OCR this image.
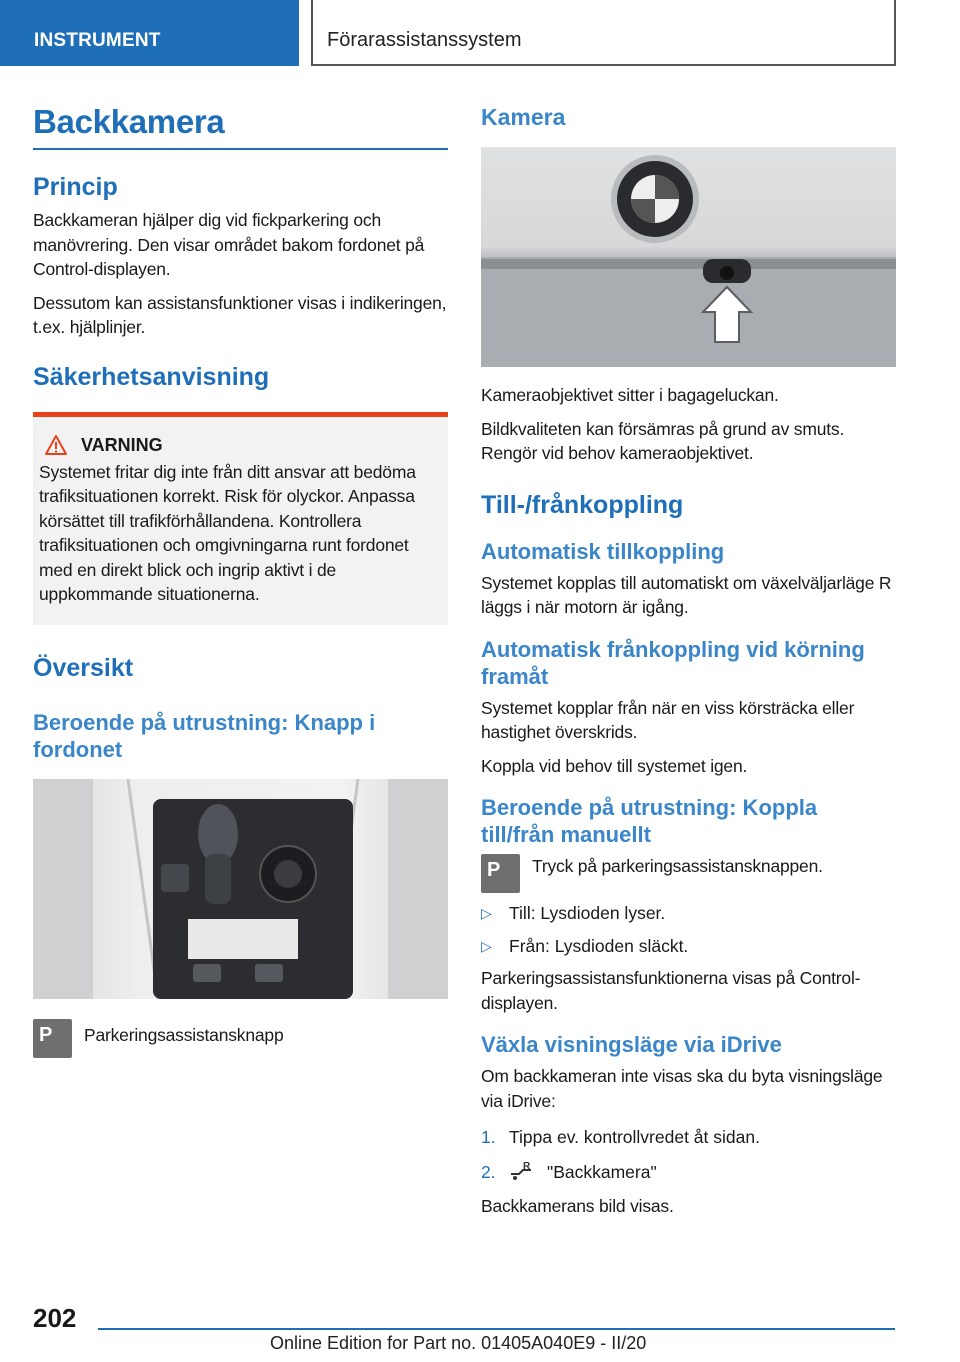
INSTRUMENT	Förarassistanssystem
Backkamera
Princip

Backkameran hjälper dig vid fickparkering och manövrering. Den visar området bakom fordonet på Control-displayen.

Dessutom kan assistansfunktioner visas i indikeringen, t.ex. hjälplinjer.

Säkerhetsanvisning
VARNING

Systemet fritar dig inte från ditt ansvar att bedöma trafiksituationen korrekt. Risk för olyckor. Anpassa körsättet till trafikförhållandena. Kontrollera trafiksituationen och omgivningarna runt fordonet med en direkt blick och ingrip aktivt i de uppkommande situationerna.

Översikt
Beroende på utrustning: Knapp i fordonet
P Parkeringsassistansknapp
Kamera

Kameraobjektivet sitter i bagageluckan.

Bildkvaliteten kan försämras på grund av smuts. Rengör vid behov kameraobjektivet.

Till-/frånkoppling
Automatisk tillkoppling

Systemet kopplas till automatiskt om växelväljarläge R läggs i när motorn är igång.

Automatisk frånkoppling vid körning framåt

Systemet kopplar från när en viss körsträcka eller hastighet överskrids.

Koppla vid behov till systemet igen.

Beroende på utrustning: Koppla till/från manuellt
P Tryck på parkeringsassistansknappen.
▷ Till: Lysdioden lyser.
▷ Från: Lysdioden släckt.

Parkeringsassistansfunktionerna visas på Control-displayen.

Växla visningsläge via iDrive

Om backkameran inte visas ska du byta visningsläge via iDrive:

1. Tippa ev. kontrollvredet åt sidan.
2.	R "Backkamera"

Backkamerans bild visas.

202
Online Edition for Part no. 01405A040E9 - II/20
